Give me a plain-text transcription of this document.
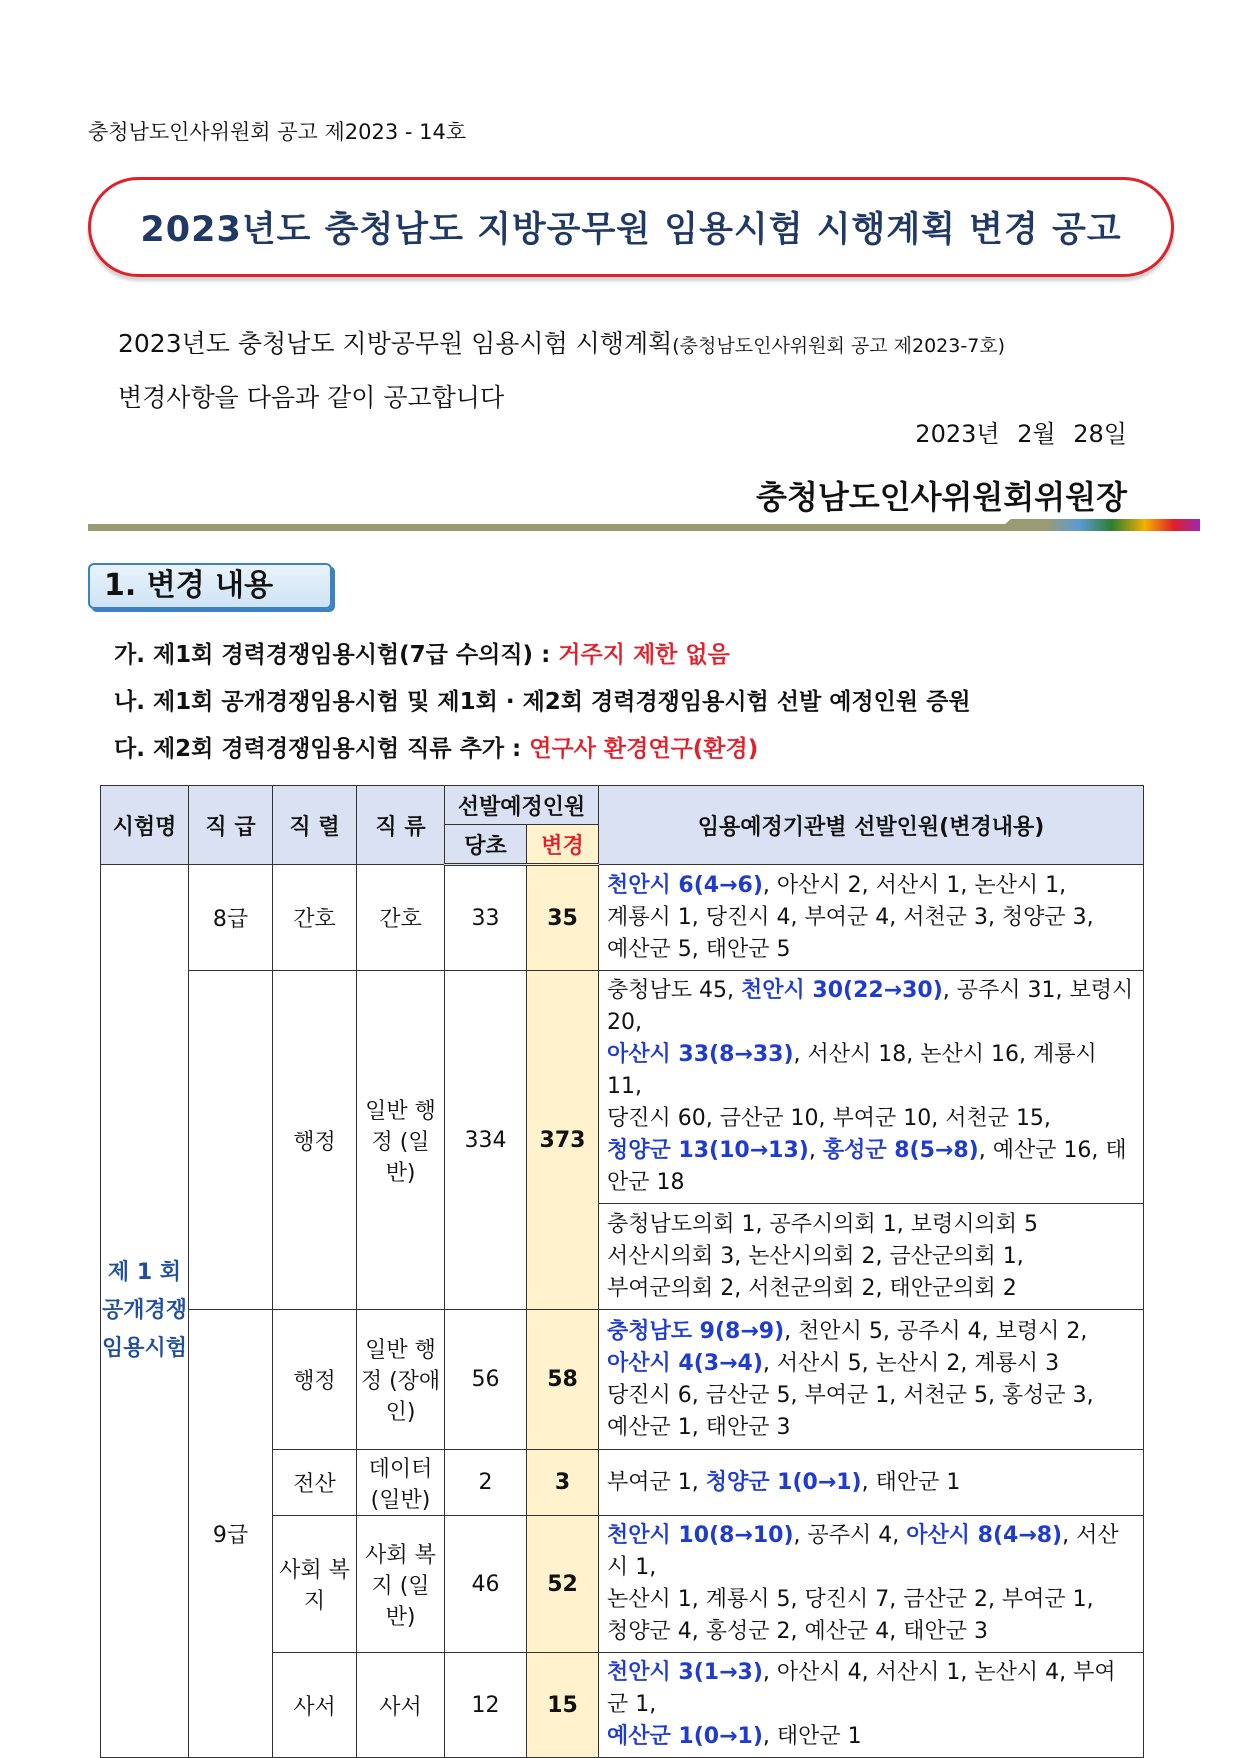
충청남도인사위원회 공고 제2023 - 14호
2023년도 충청남도 지방공무원 임용시험 시행계획 변경 공고
2023년도 충청남도 지방공무원 임용시험 시행계획(충청남도인사위원회 공고 제2023-7호)
변경사항을 다음과 같이 공고합니다
2023년 2월 28일
충청남도인사위원회위원장
1. 변경 내용
가. 제1회 경력경쟁임용시험(7급 수의직) : 거주지 제한 없음
나. 제1회 공개경쟁임용시험 및 제1회 · 제2회 경력경쟁임용시험 선발 예정인원 증원
다. 제2회 경력경쟁임용시험 직류 추가 : 연구사 환경연구(환경)
시험명	직 급	직 렬	직 류	선발예정인원		임용예정기관별 선발인원(변경내용)
				당초	변경	
제 1 회 공개경쟁 임용시험	8급	간호	간호	33	35	천안시 6(4→6), 아산시 2, 서산시 1, 논산시 1,
계룡시 1, 당진시 4, 부여군 4, 서천군 3, 청양군 3,
예산군 5, 태안군 5

		행정	일반 행정 (일반)	334	373	충청남도 45, 천안시 30(22→30), 공주시 31, 보령시 20,
아산시 33(8→33), 서산시 18, 논산시 16, 계룡시 11,
당진시 60, 금산군 10, 부여군 10, 서천군 15,
청양군 13(10→13), 홍성군 8(5→8), 예산군 16, 태안군 18

						충청남도의회 1, 공주시의회 1, 보령시의회 5
서산시의회 3, 논산시의회 2, 금산군의회 1,
부여군의회 2, 서천군의회 2, 태안군의회 2

	9급	행정	일반 행정 (장애인)	56	58	충청남도 9(8→9), 천안시 5, 공주시 4, 보령시 2,
아산시 4(3→4), 서산시 5, 논산시 2, 계룡시 3
당진시 6, 금산군 5, 부여군 1, 서천군 5, 홍성군 3,
예산군 1, 태안군 3

		전산	데이터 (일반)	2	3	부여군 1, 청양군 1(0→1), 태안군 1

		사회 복지	사회 복지 (일반)	46	52	천안시 10(8→10), 공주시 4, 아산시 8(4→8), 서산시 1,
논산시 1, 계룡시 5, 당진시 7, 금산군 2, 부여군 1,
청양군 4, 홍성군 2, 예산군 4, 태안군 3

		사서	사서	12	15	천안시 3(1→3), 아산시 4, 서산시 1, 논산시 4, 부여군 1,
예산군 1(0→1), 태안군 1
